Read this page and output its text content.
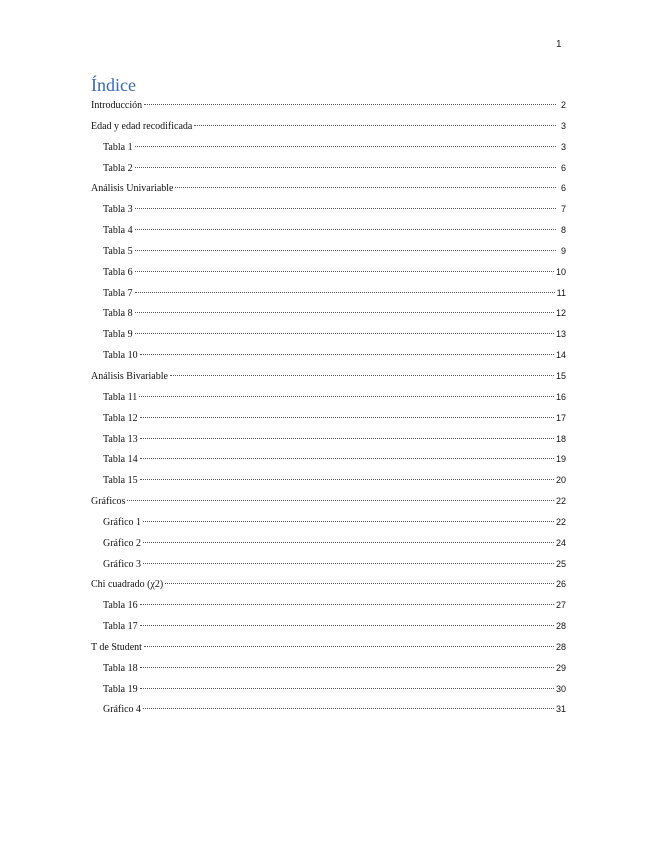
1
Índice
Introducción	2
Edad y edad recodificada	3
Tabla 1	3
Tabla 2	6
Análisis Univariable	6
Tabla 3	7
Tabla 4	8
Tabla 5	9
Tabla 6	10
Tabla 7	11
Tabla 8	12
Tabla 9	13
Tabla 10	14
Análisis Bivariable	15
Tabla 11	16
Tabla 12	17
Tabla 13	18
Tabla 14	19
Tabla 15	20
Gráficos	22
Gráfico 1	22
Gráfico 2	24
Gráfico 3	25
Chi cuadrado (χ2)	26
Tabla 16	27
Tabla 17	28
T de Student	28
Tabla 18	29
Tabla 19	30
Gráfico 4	31
